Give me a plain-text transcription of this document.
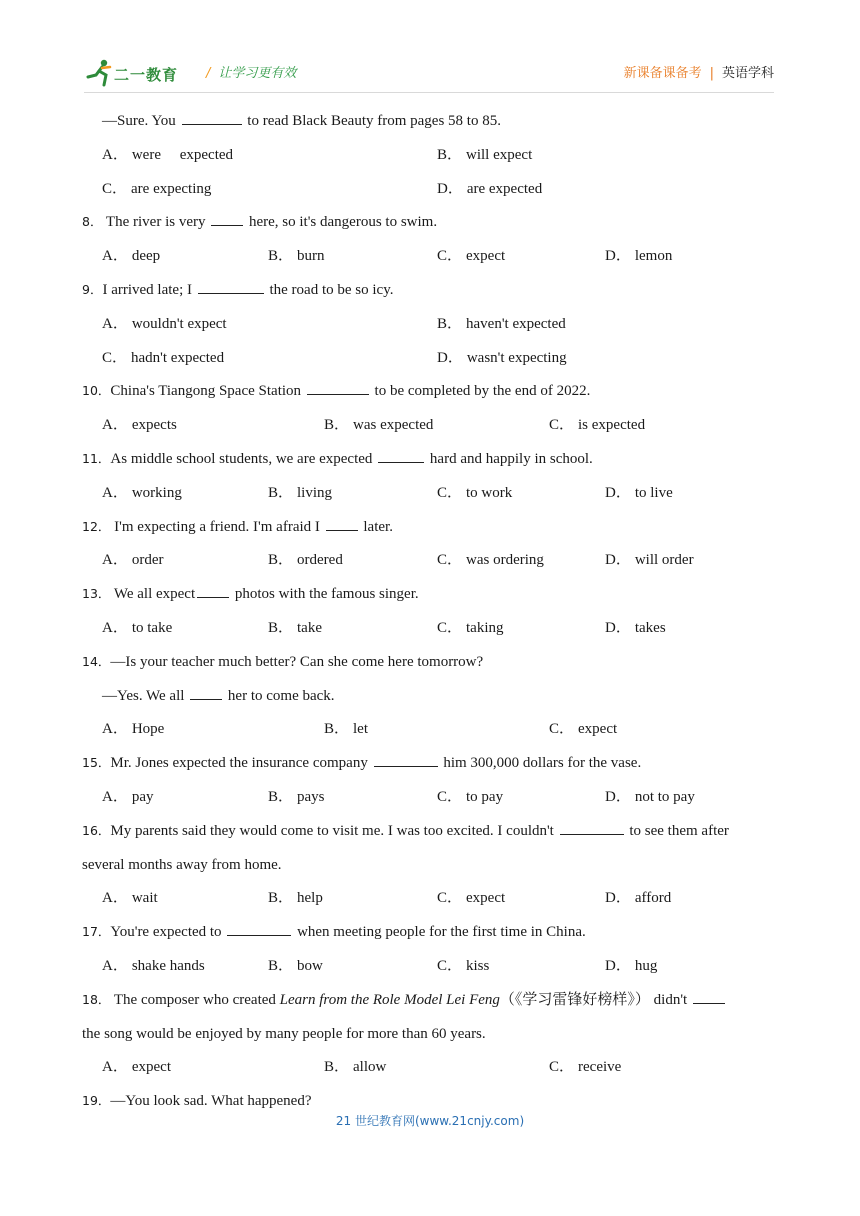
二一教育 / 让学习更有效	新课备课备考 | 英语学科
—Sure. You	to read Black Beauty from pages 58 to 85.
A． were　 expected	B． will expect
C． are expecting	D． are expected
8． The river is very  here, so it's dangerous to swim.
A． deep	B． burn	C． expect	D． lemon
9．I arrived late; I	the road to be so icy.
A． wouldn't expect	B． haven't expected
C． hadn't expected	D． wasn't expecting
10．China's Tiangong Space Station	to be completed by the end of 2022.
A． expects	B． was expected	C． is expected
11．As middle school students, we are expected	hard and happily in school.
A． working	B． living	C． to work	D． to live
12． I'm expecting a friend. I'm afraid I  later.
A． order	B． ordered	C． was ordering	D． will order
13． We all expect photos with the famous singer.
A． to take	B． take	C． taking	D． takes
14．—Is your teacher much better? Can she come here tomorrow?
—Yes. We all  her to come back.
A． Hope	B． let	C． expect
15．Mr. Jones expected the insurance company	him 300,000 dollars for the vase.
A． pay	B． pays	C． to pay	D． not to pay
16．My parents said they would come to visit me. I was too excited. I couldn't	to see them after
several months away from home.
A． wait	B． help	C． expect	D． afford
17．You're expected to	when meeting people for the first time in China.
A． shake hands	B． bow	C． kiss	D． hug
18． The composer who created Learn from the Role Model Lei Feng（《学习雷锋好榜样》） didn't
the song would be enjoyed by many people for more than 60 years.
A． expect	B． allow	C． receive
19．—You look sad. What happened?
21 世纪教育网(www.21cnjy.com)
